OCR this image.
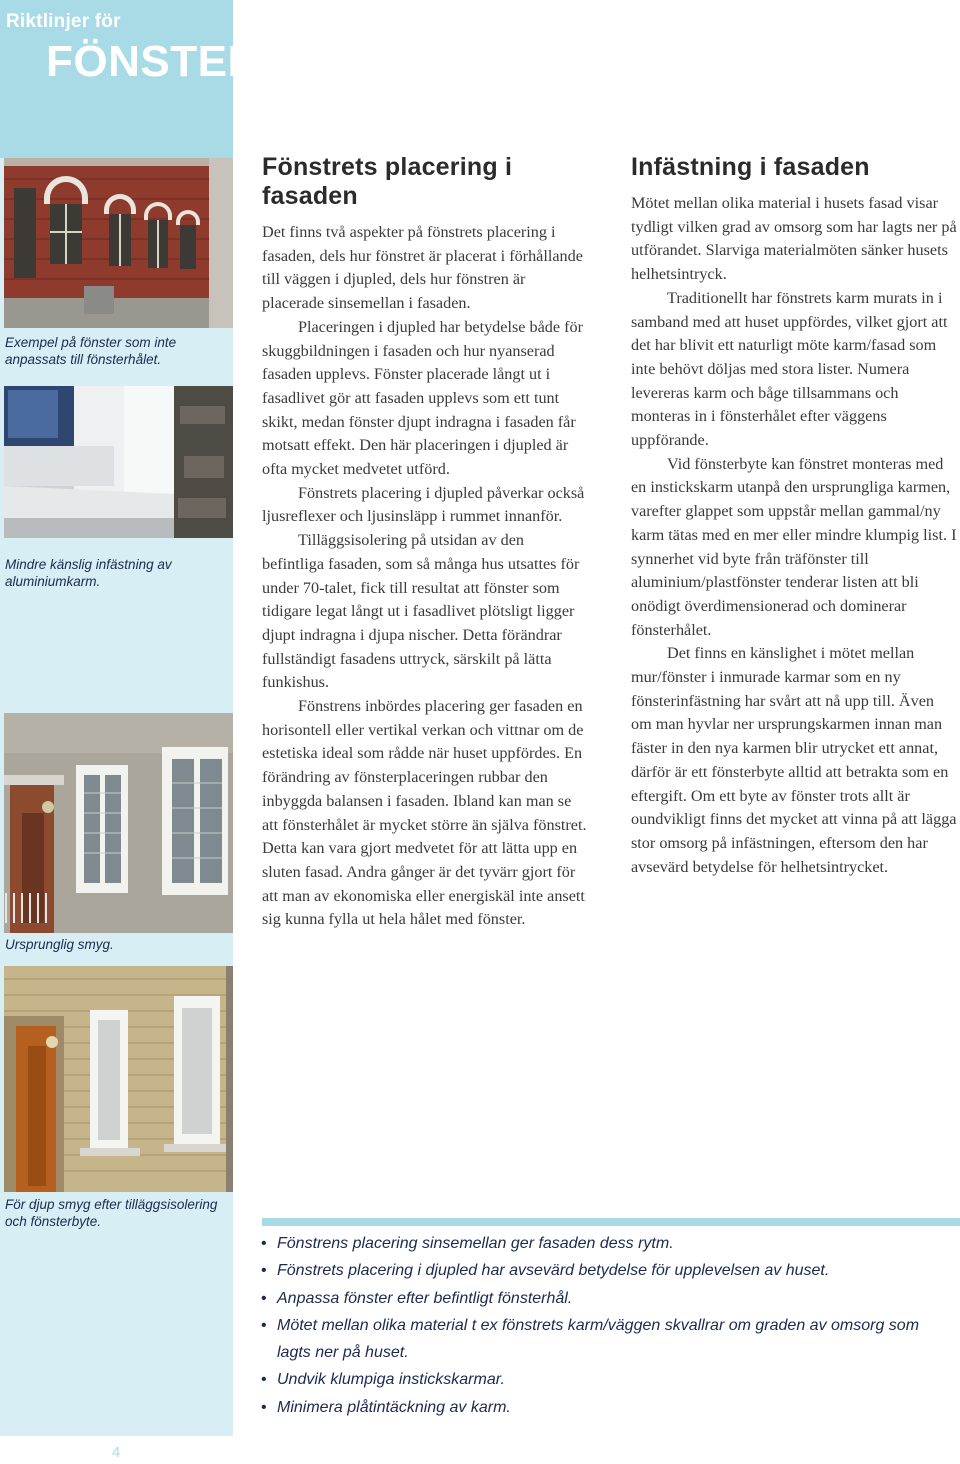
Riktlinjer för
FÖNSTER
Exempel på fönster som inte anpassats till fönsterhålet.
Mindre känslig infästning av aluminiumkarm.
Ursprunglig smyg.
För djup smyg efter tilläggsisolering och fönsterbyte.
Fönstrets placering i fasaden

Det finns två aspekter på fönstrets placering i fasaden, dels hur fönstret är placerat i förhållande till väggen i djupled, dels hur fönstren är placerade sinsemellan i fasaden.

Placeringen i djupled har betydelse både för skuggbildningen i fasaden och hur nyanserad fasaden upplevs. Fönster placerade långt ut i fasadlivet gör att fasaden upplevs som ett tunt skikt, medan fönster djupt indragna i fasaden får motsatt effekt. Den här placeringen i djupled är ofta mycket medvetet utförd.

Fönstrets placering i djupled påverkar också ljusreflexer och ljusinsläpp i rummet innanför.

Tilläggsisolering på utsidan av den befintliga fasaden, som så många hus utsattes för under 70-talet, fick till resultat att fönster som tidigare legat långt ut i fasadlivet plötsligt ligger djupt indragna i djupa nischer. Detta förändrar fullständigt fasadens uttryck, särskilt på lätta funkishus.

Fönstrens inbördes placering ger fasaden en horisontell eller vertikal verkan och vittnar om de estetiska ideal som rådde när huset uppfördes. En förändring av fönsterplaceringen rubbar den inbyggda balansen i fasaden. Ibland kan man se att fönsterhålet är mycket större än själva fönstret. Detta kan vara gjort medvetet för att lätta upp en sluten fasad. Andra gånger är det tyvärr gjort för att man av ekonomiska eller energiskäl inte ansett sig kunna fylla ut hela hålet med fönster.

Infästning i fasaden

Mötet mellan olika material i husets fasad visar tydligt vilken grad av omsorg som har lagts ner på utförandet. Slarviga materialmöten sänker husets helhetsintryck.

Traditionellt har fönstrets karm murats in i samband med att huset uppfördes, vilket gjort att det har blivit ett naturligt möte karm/fasad som inte behövt döljas med stora lister. Numera levereras karm och båge tillsammans och monteras in i fönsterhålet efter väggens uppförande.

Vid fönsterbyte kan fönstret monteras med en instickskarm utanpå den ursprungliga karmen, varefter glappet som uppstår mellan gammal/ny karm tätas med en mer eller mindre klumpig list. I synnerhet vid byte från träfönster till aluminium/plastfönster tenderar listen att bli onödigt överdimensionerad och dominerar fönsterhålet.

Det finns en känslighet i mötet mellan mur/fönster i inmurade karmar som en ny fönsterinfästning har svårt att nå upp till. Även om man hyvlar ner ursprungskarmen innan man fäster in den nya karmen blir utrycket ett annat, därför är ett fönsterbyte alltid att betrakta som en eftergift. Om ett byte av fönster trots allt är oundvikligt finns det mycket att vinna på att lägga stor omsorg på infästningen, eftersom den har avsevärd betydelse för helhetsintrycket.

• Fönstrens placering sinsemellan ger fasaden dess rytm.
• Fönstrets placering i djupled har avsevärd betydelse för upplevelsen av huset.
• Anpassa fönster efter befintligt fönsterhål.
• Mötet mellan olika material t ex fönstrets karm/väggen skvallrar om graden av omsorg som lagts ner på huset.
• Undvik klumpiga instickskarmar.
• Minimera plåtintäckning av karm.
4
